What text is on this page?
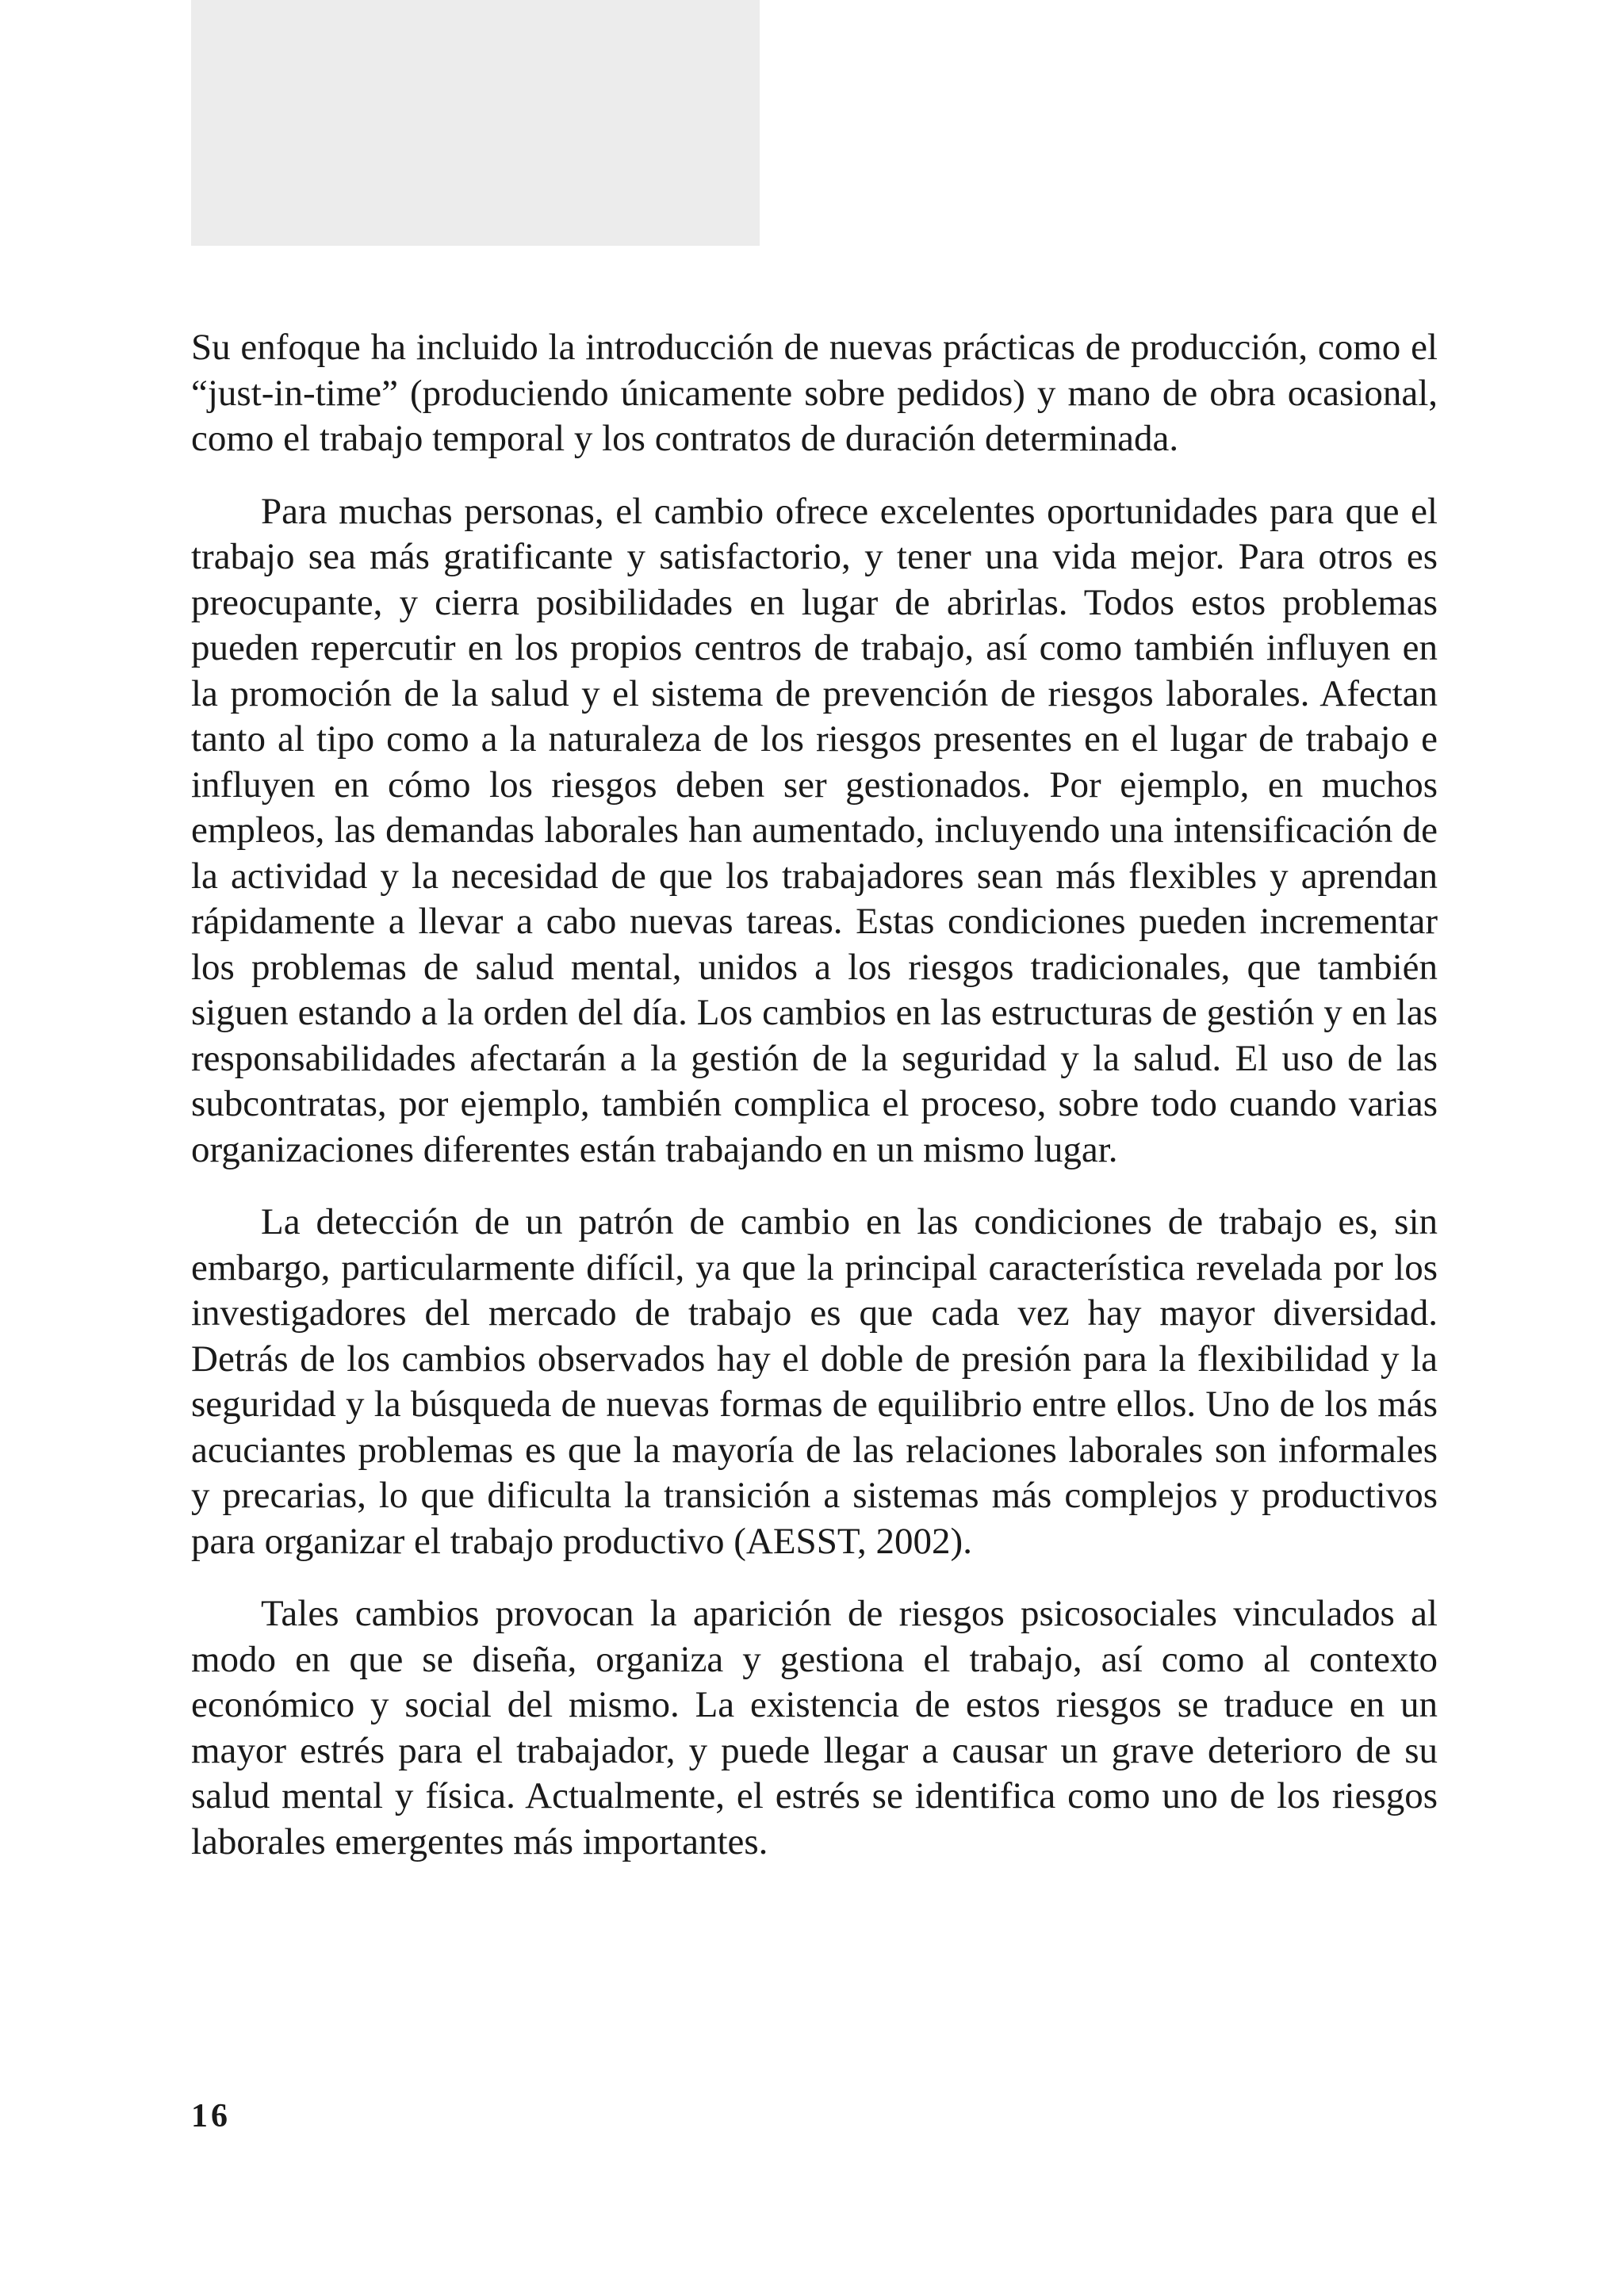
Su enfoque ha incluido la introducción de nuevas prácticas de producción, como el “just-in-time” (produciendo únicamente sobre pedidos) y mano de obra ocasional, como el trabajo temporal y los contratos de duración determinada.

Para muchas personas, el cambio ofrece excelentes oportunidades para que el trabajo sea más gratificante y satisfactorio, y tener una vida mejor. Para otros es preocupante, y cierra posibilidades en lugar de abrirlas. Todos estos problemas pueden repercutir en los propios centros de trabajo, así como también influyen en la promoción de la salud y el sistema de prevención de riesgos laborales. Afectan tanto al tipo como a la naturaleza de los riesgos presentes en el lugar de trabajo e influyen en cómo los riesgos deben ser gestionados. Por ejemplo, en muchos empleos, las demandas laborales han aumentado, incluyendo una intensificación de la actividad y la necesidad de que los trabajadores sean más flexibles y aprendan rápidamente a llevar a cabo nuevas tareas. Estas condiciones pueden incrementar los problemas de salud mental, unidos a los riesgos tradicionales, que también siguen estando a la orden del día. Los cambios en las estructuras de gestión y en las responsabilidades afectarán a la gestión de la seguridad y la salud. El uso de las subcontratas, por ejemplo, también complica el proceso, sobre todo cuando varias organizaciones diferentes están trabajando en un mismo lugar.

La detección de un patrón de cambio en las condiciones de trabajo es, sin embargo, particularmente difícil, ya que la principal característica revelada por los investigadores del mercado de trabajo es que cada vez hay mayor diversidad. Detrás de los cambios observados hay el doble de presión para la flexibilidad y la seguridad y la búsqueda de nuevas formas de equilibrio entre ellos. Uno de los más acuciantes problemas es que la mayoría de las relaciones laborales son informales y precarias, lo que dificulta la transición a sistemas más complejos y productivos para organizar el trabajo productivo (AESST, 2002).

Tales cambios provocan la aparición de riesgos psicosociales vinculados al modo en que se diseña, organiza y gestiona el trabajo, así como al contexto económico y social del mismo. La existencia de estos riesgos se traduce en un mayor estrés para el trabajador, y puede llegar a causar un grave deterioro de su salud mental y física. Actualmente, el estrés se identifica como uno de los riesgos laborales emergentes más importantes.

16
